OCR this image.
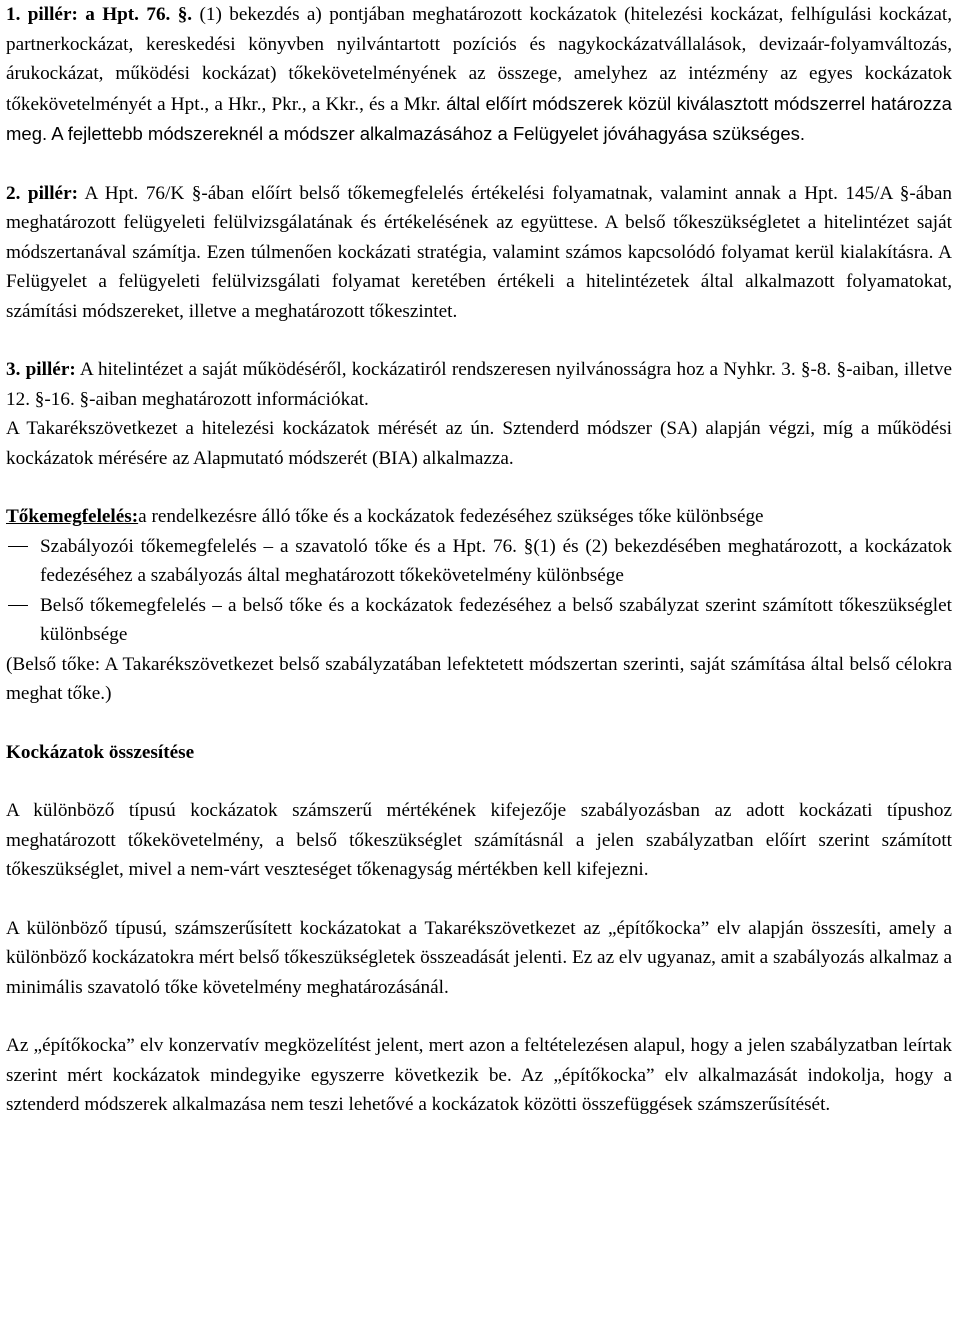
1. pillér: a Hpt. 76. §. (1) bekezdés a) pontjában meghatározott kockázatok (hitelezési kockázat, felhígulási kockázat, partnerkockázat, kereskedési könyvben nyilvántartott pozíciós és nagykockázatvállalások, devizaár-folyamváltozás, árukockázat, működési kockázat) tőkekövetelményének az összege, amelyhez az intézmény az egyes kockázatok tőkekövetelményét a Hpt., a Hkr., Pkr., a Kkr., és a Mkr. által előírt módszerek közül kiválasztott módszerrel határozza meg. A fejlettebb módszereknél a módszer alkalmazásához a Felügyelet jóváhagyása szükséges.

2. pillér: A Hpt. 76/K §-ában előírt belső tőkemegfelelés értékelési folyamatnak, valamint annak a Hpt. 145/A §-ában meghatározott felügyeleti felülvizsgálatának és értékelésének az együttese. A belső tőkeszükségletet a hitelintézet saját módszertanával számítja. Ezen túlmenően kockázati stratégia, valamint számos kapcsolódó folyamat kerül kialakításra. A Felügyelet a felügyeleti felülvizsgálati folyamat keretében értékeli a hitelintézetek által alkalmazott folyamatokat, számítási módszereket, illetve a meghatározott tőkeszintet.

3. pillér: A hitelintézet a saját működéséről, kockázatiról rendszeresen nyilvánosságra hoz a Nyhkr. 3. §-8. §-aiban, illetve 12. §-16. §-aiban meghatározott információkat.

A Takarékszövetkezet a hitelezési kockázatok mérését az ún. Sztenderd módszer (SA) alapján végzi, míg a működési kockázatok mérésére az Alapmutató módszerét (BIA) alkalmazza.

Tőkemegfelelés:a rendelkezésre álló tőke és a kockázatok fedezéséhez szükséges tőke különbsége

Szabályozói tőkemegfelelés – a szavatoló tőke és a Hpt. 76. §(1) és (2) bekezdésében meghatározott, a kockázatok fedezéséhez a szabályozás által meghatározott tőkekövetelmény különbsége
Belső tőkemegfelelés – a belső tőke és a kockázatok fedezéséhez a belső szabályzat szerint számított tőkeszükséglet különbsége

(Belső tőke: A Takarékszövetkezet belső szabályzatában lefektetett módszertan szerinti, saját számítása által belső célokra meghat tőke.)

Kockázatok összesítése

A különböző típusú kockázatok számszerű mértékének kifejezője szabályozásban az adott kockázati típushoz meghatározott tőkekövetelmény, a belső tőkeszükséglet számításnál a jelen szabályzatban előírt szerint számított tőkeszükséglet, mivel a nem-várt veszteséget tőkenagyság mértékben kell kifejezni.

A különböző típusú, számszerűsített kockázatokat a Takarékszövetkezet az „építőkocka” elv alapján összesíti, amely a különböző kockázatokra mért belső tőkeszükségletek összeadását jelenti. Ez az elv ugyanaz, amit a szabályozás alkalmaz a minimális szavatoló tőke követelmény meghatározásánál.

Az „építőkocka” elv konzervatív megközelítést jelent, mert azon a feltételezésen alapul, hogy a jelen szabályzatban leírtak szerint mért kockázatok mindegyike egyszerre következik be. Az „építőkocka” elv alkalmazását indokolja, hogy a sztenderd módszerek alkalmazása nem teszi lehetővé a kockázatok közötti összefüggések számszerűsítését.
